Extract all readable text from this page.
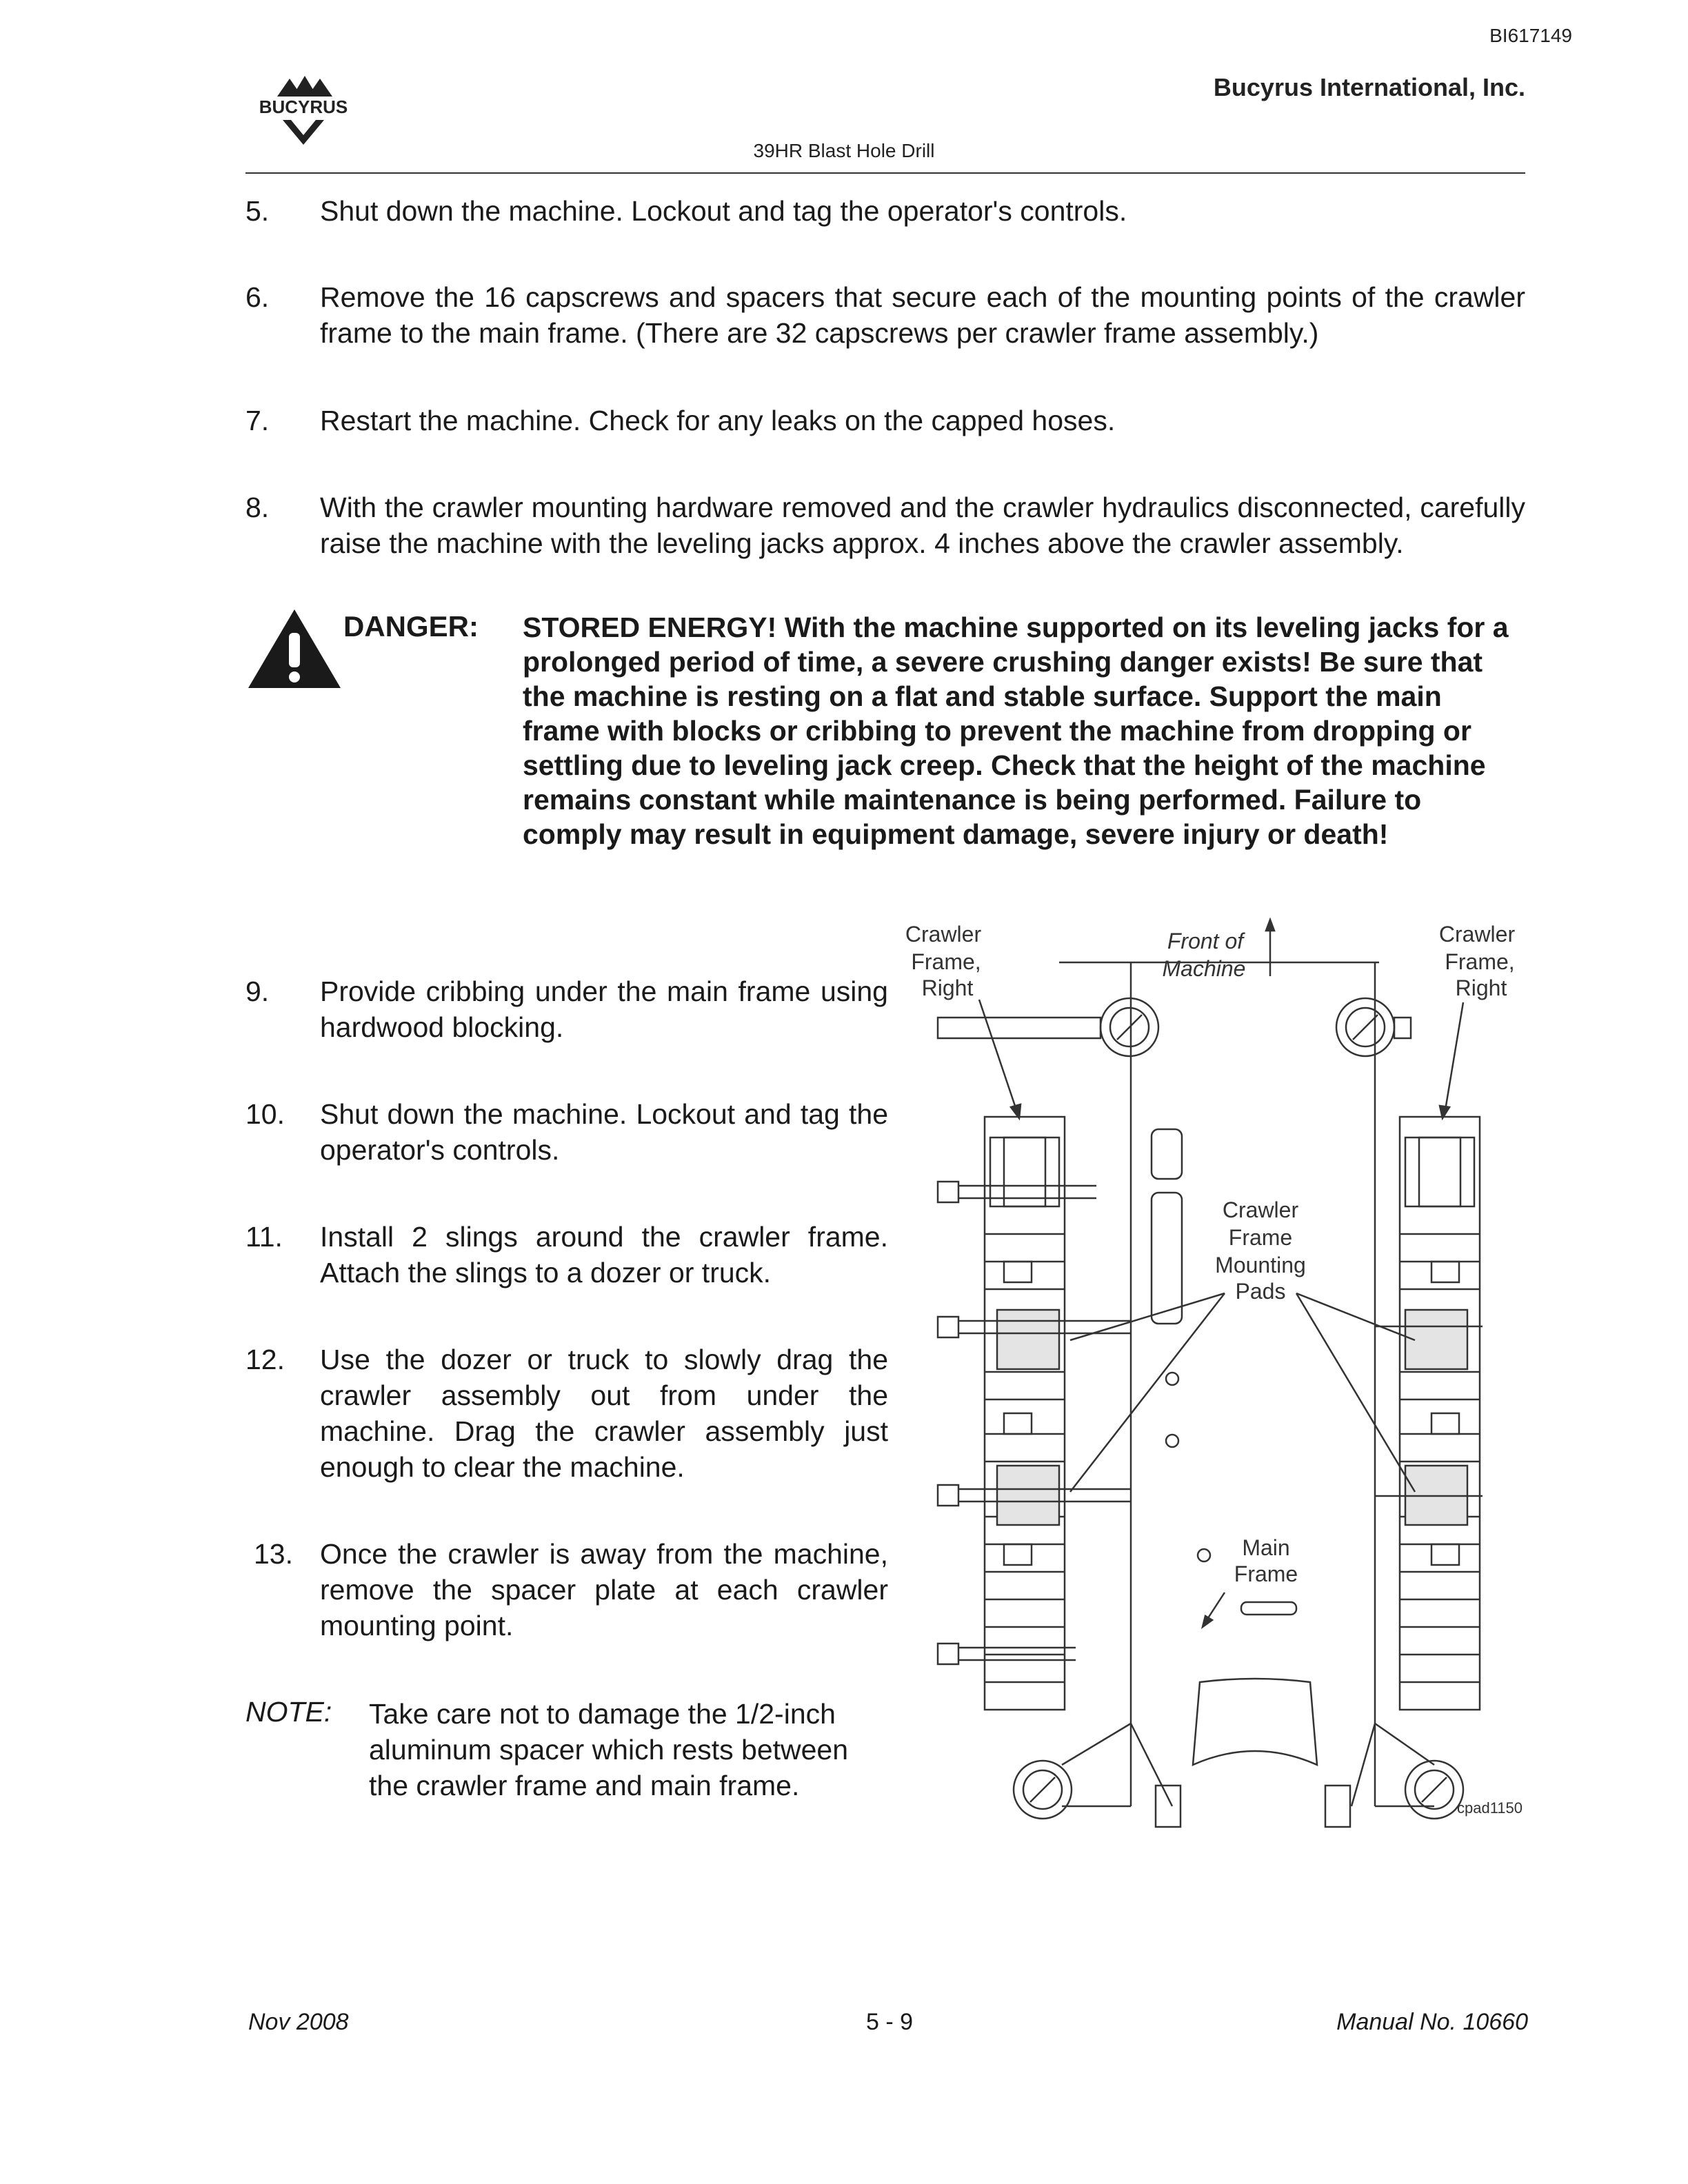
BI617149
BUCYRUS
Bucyrus International, Inc.
39HR Blast Hole Drill
5. Shut down the machine. Lockout and tag the operator's controls.
6. Remove the 16 capscrews and spacers that secure each of the mounting points of the crawler frame to the main frame. (There are 32 capscrews per crawler frame assembly.)
7. Restart the machine. Check for any leaks on the capped hoses.
8. With the crawler mounting hardware removed and the crawler hydraulics disconnected, carefully raise the machine with the leveling jacks approx. 4 inches above the crawler assembly.
DANGER: STORED ENERGY! With the machine supported on its leveling jacks for a prolonged period of time, a severe crushing danger exists! Be sure that the machine is resting on a flat and stable surface. Support the main frame with blocks or cribbing to prevent the machine from dropping or settling due to leveling jack creep. Check that the height of the machine remains constant while maintenance is being performed. Failure to comply may result in equipment damage, severe injury or death!
9. Provide cribbing under the main frame using hardwood blocking.
10. Shut down the machine. Lockout and tag the operator's controls.
11. Install 2 slings around the crawler frame. Attach the slings to a dozer or truck.
12. Use the dozer or truck to slowly drag the crawler assembly out from under the machine. Drag the crawler assembly just enough to clear the machine.
13. Once the crawler is away from the machine, remove the spacer plate at each crawler mounting point.
NOTE: Take care not to damage the 1/2-inch aluminum spacer which rests between the crawler frame and main frame.
Crawler
Frame,
Right
Crawler
Frame,
Right
Front of
Machine
Crawler
Frame
Mounting
Pads
Main
Frame
cpad1150
Nov 2008	5 - 9	Manual No. 10660
